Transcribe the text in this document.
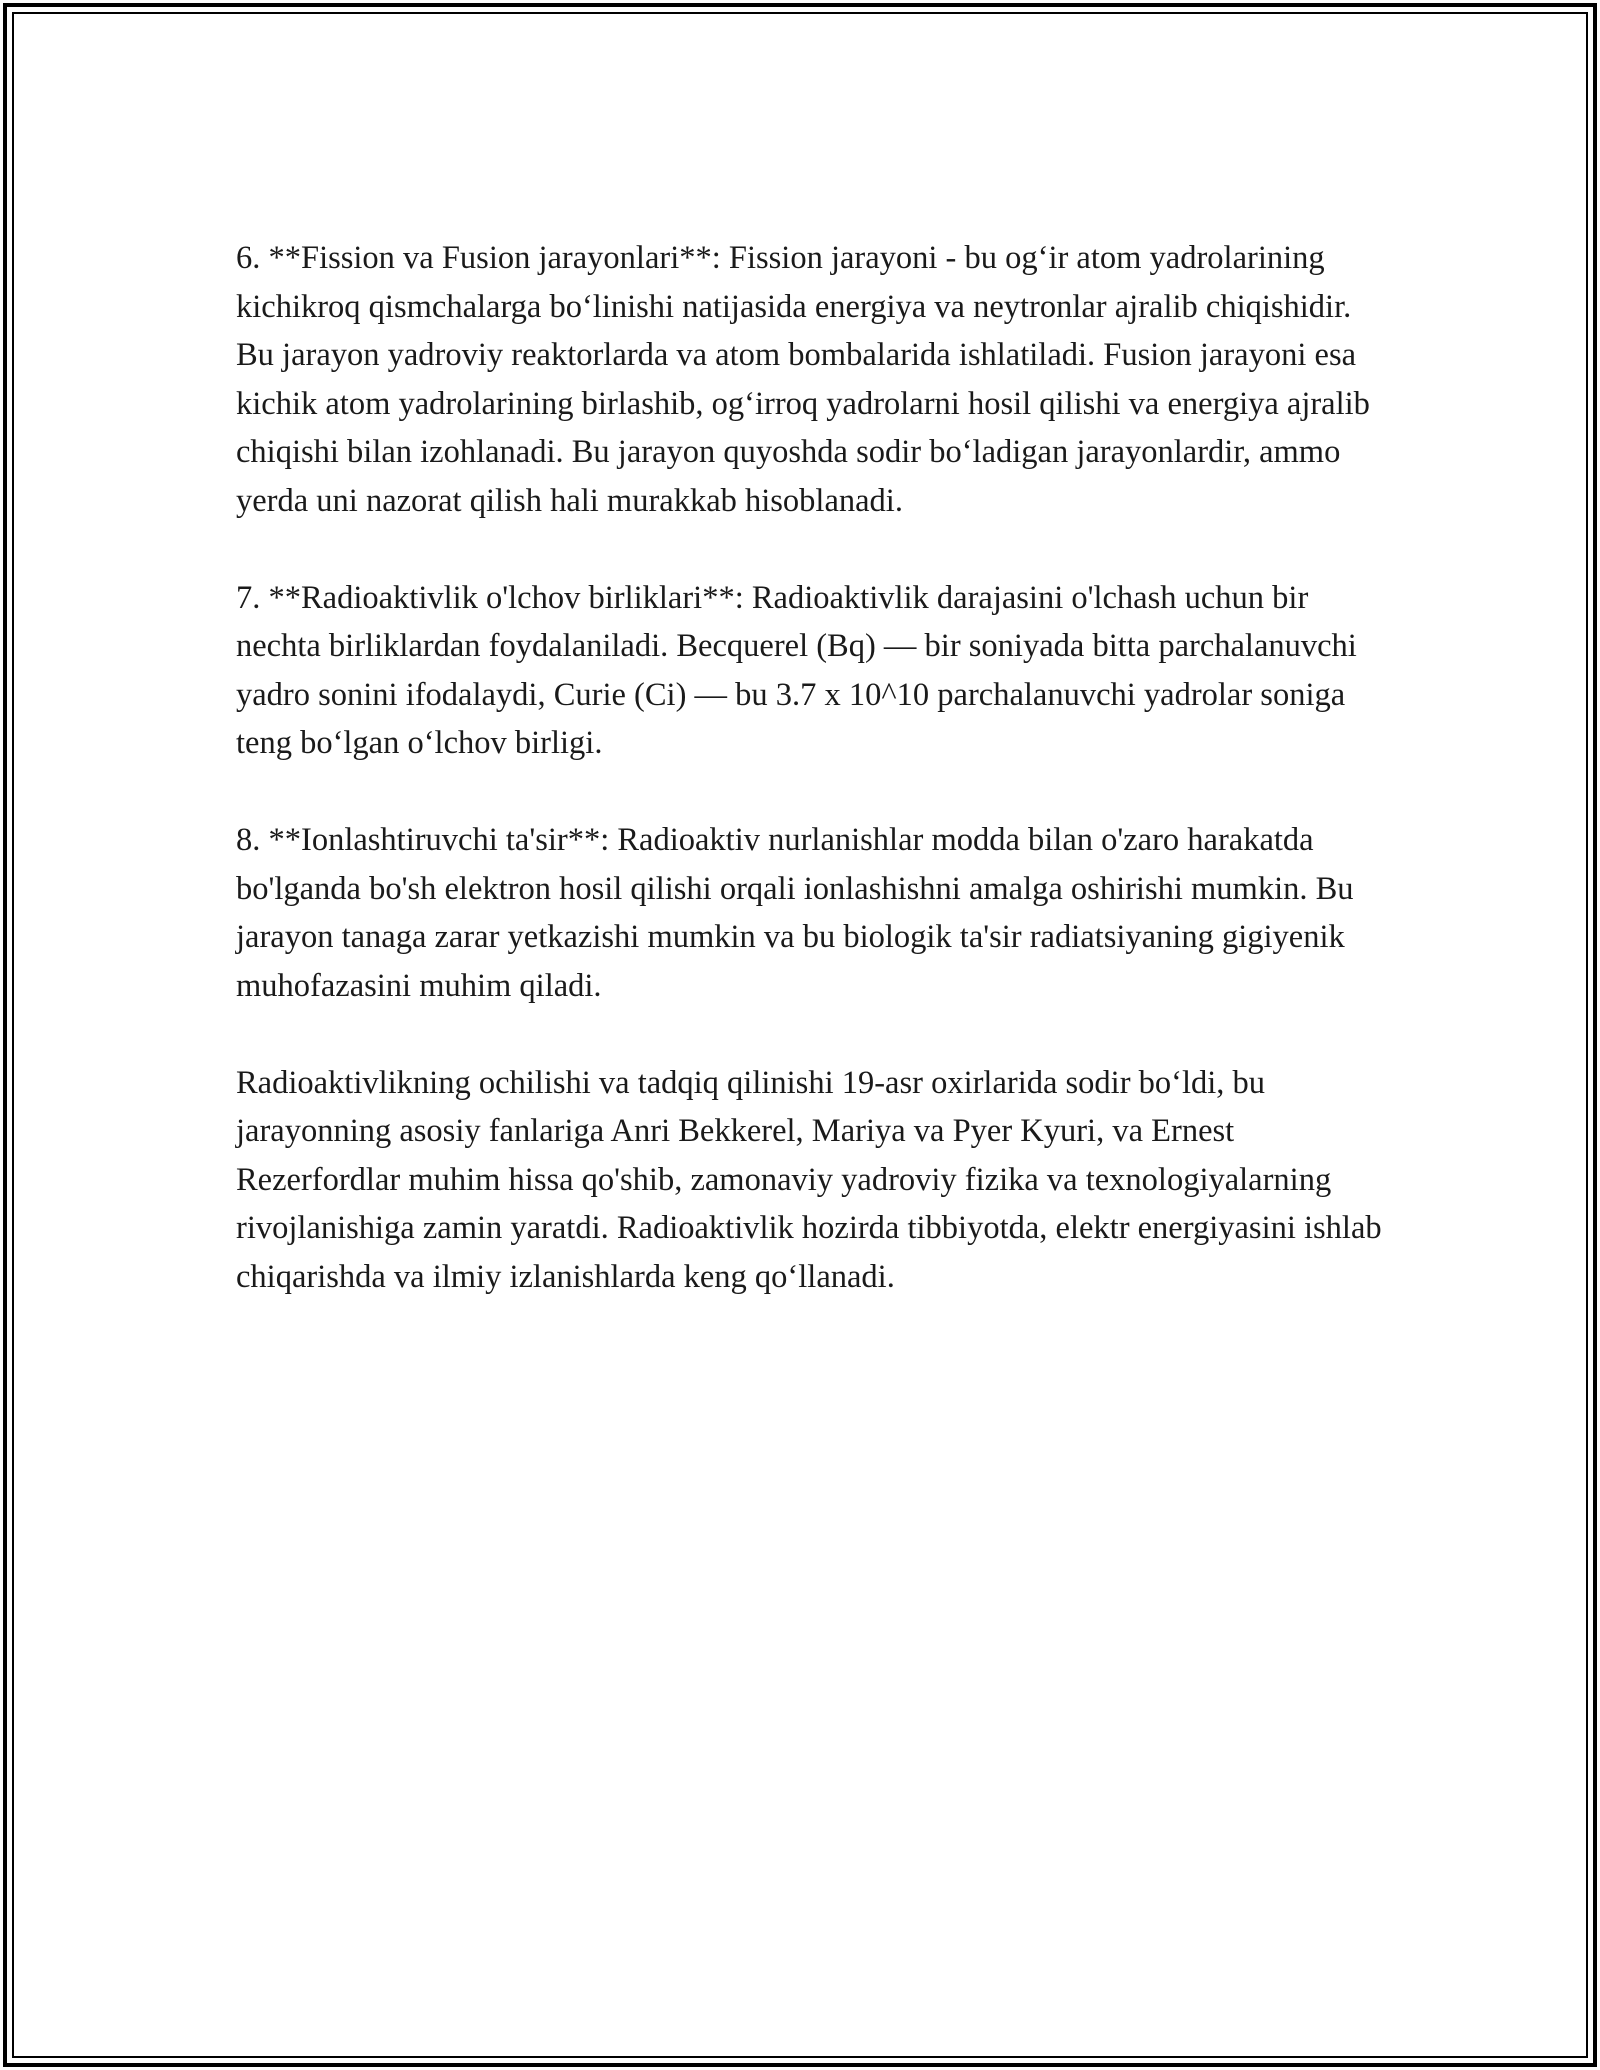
6. **Fission va Fusion jarayonlari**: Fission jarayoni - bu og‘ir atom yadrolarining kichikroq qismchalarga bo‘linishi natijasida energiya va neytronlar ajralib chiqishidir. Bu jarayon yadroviy reaktorlarda va atom bombalarida ishlatiladi. Fusion jarayoni esa kichik atom yadrolarining birlashib, og‘irroq yadrolarni hosil qilishi va energiya ajralib chiqishi bilan izohlanadi. Bu jarayon quyoshda sodir bo‘ladigan jarayonlardir, ammo yerda uni nazorat qilish hali murakkab hisoblanadi.

7. **Radioaktivlik o'lchov birliklari**: Radioaktivlik darajasini o'lchash uchun bir nechta birliklardan foydalaniladi. Becquerel (Bq) — bir soniyada bitta parchalanuvchi yadro sonini ifodalaydi, Curie (Ci) — bu 3.7 x 10^10 parchalanuvchi yadrolar soniga teng bo‘lgan o‘lchov birligi.

8. **Ionlashtiruvchi ta'sir**: Radioaktiv nurlanishlar modda bilan o'zaro harakatda bo'lganda bo'sh elektron hosil qilishi orqali ionlashishni amalga oshirishi mumkin. Bu jarayon tanaga zarar yetkazishi mumkin va bu biologik ta'sir radiatsiyaning gigiyenik muhofazasini muhim qiladi.

Radioaktivlikning ochilishi va tadqiq qilinishi 19-asr oxirlarida sodir bo‘ldi, bu jarayonning asosiy fanlariga Anri Bekkerel, Mariya va Pyer Kyuri, va Ernest Rezerfordlar muhim hissa qo'shib, zamonaviy yadroviy fizika va texnologiyalarning rivojlanishiga zamin yaratdi. Radioaktivlik hozirda tibbiyotda, elektr energiyasini ishlab chiqarishda va ilmiy izlanishlarda keng qo‘llanadi.
